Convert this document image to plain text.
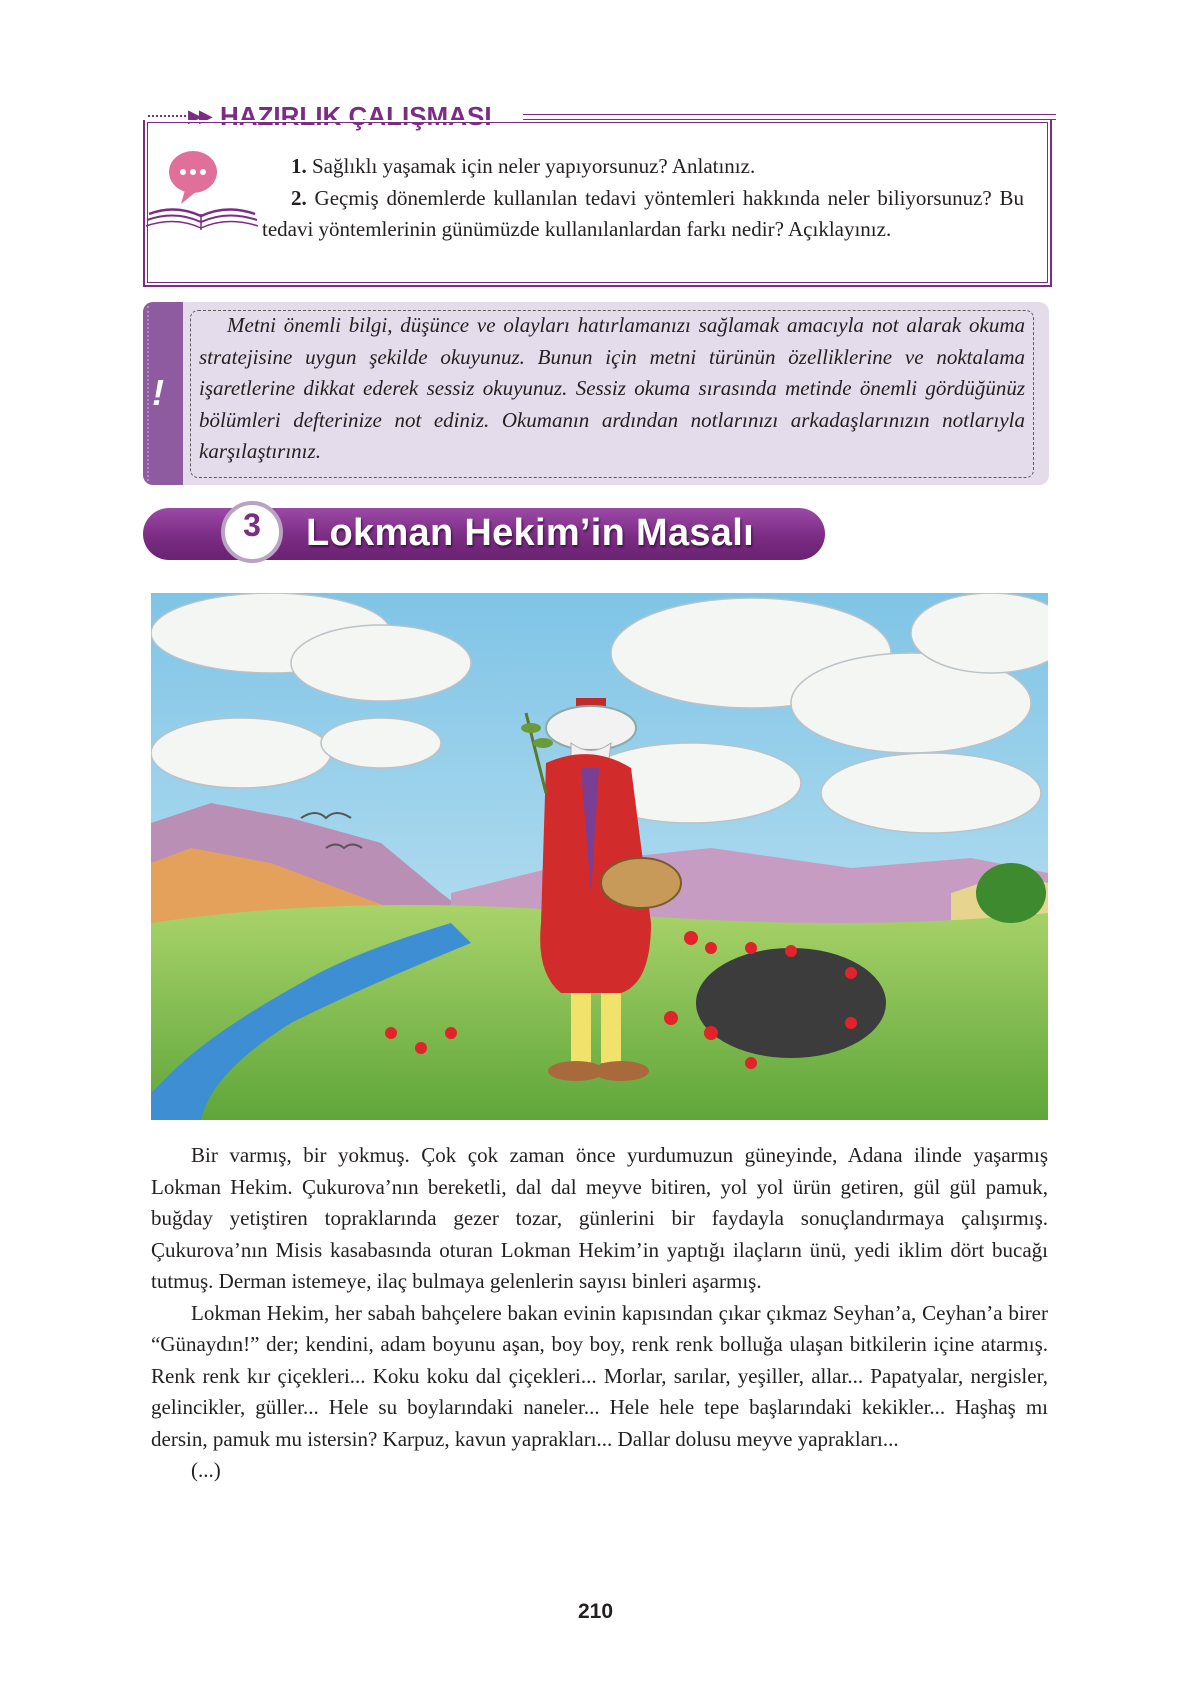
▶▶ HAZIRLIK ÇALIŞMASI

1. Sağlıklı yaşamak için neler yapıyorsunuz? Anlatınız.

2. Geçmiş dönemlerde kullanılan tedavi yöntemleri hakkında neler biliyorsunuz? Bu tedavi yöntemlerinin günümüzde kullanılanlardan farkı nedir? Açıklayınız.

!

Metni önemli bilgi, düşünce ve olayları hatırlamanızı sağlamak amacıyla not alarak okuma stratejisine uygun şekilde okuyunuz. Bunun için metni türünün özelliklerine ve noktalama işaretlerine dikkat ederek sessiz okuyunuz. Sessiz okuma sırasında metinde önemli gördüğünüz bölümleri defterinize not ediniz. Okumanın ardından notlarınızı arkadaşlarınızın notlarıyla karşılaştırınız.

3	Lokman Hekim’in Masalı

Bir varmış, bir yokmuş. Çok çok zaman önce yurdumuzun güneyinde, Adana ilinde yaşarmış Lokman Hekim. Çukurova’nın bereketli, dal dal meyve bitiren, yol yol ürün getiren, gül gül pamuk, buğday yetiştiren topraklarında gezer tozar, günlerini bir faydayla sonuçlandırmaya çalışırmış. Çukurova’nın Misis kasabasında oturan Lokman Hekim’in yaptığı ilaçların ünü, yedi iklim dört bucağı tutmuş. Derman istemeye, ilaç bulmaya gelenlerin sayısı binleri aşarmış.

Lokman Hekim, her sabah bahçelere bakan evinin kapısından çıkar çıkmaz Seyhan’a, Ceyhan’a birer “Günaydın!” der; kendini, adam boyunu aşan, boy boy, renk renk bolluğa ulaşan bitkilerin içine atarmış. Renk renk kır çiçekleri... Koku koku dal çiçekleri... Morlar, sarılar, yeşiller, allar... Papatyalar, nergisler, gelincikler, güller... Hele su boylarındaki naneler... Hele hele tepe başlarındaki kekikler... Haşhaş mı dersin, pamuk mu istersin? Karpuz, kavun yaprakları... Dallar dolusu meyve yaprakları...

(...)

210
